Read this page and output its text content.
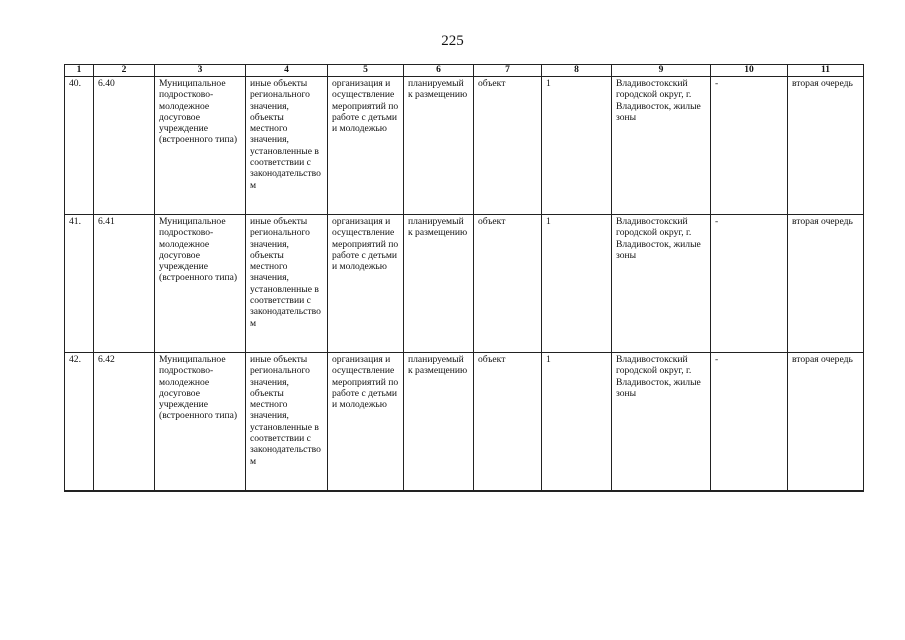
225
1	2	3	4	5	6	7	8	9	10	11
40.	6.40	Муниципальное подростково-молодежное досуговое учреждение (встроенного типа)	иные объекты регионального значения, объекты местного значения, установленные в соответствии с законодательством	организация и осуществление мероприятий по работе с детьми и молодежью	планируемый к размещению	объект	1	Владивостокский городской округ, г. Владивосток, жилые зоны	-	вторая очередь
41.	6.41	Муниципальное подростково-молодежное досуговое учреждение (встроенного типа)	иные объекты регионального значения, объекты местного значения, установленные в соответствии с законодательством	организация и осуществление мероприятий по работе с детьми и молодежью	планируемый к размещению	объект	1	Владивостокский городской округ, г. Владивосток, жилые зоны	-	вторая очередь
42.	6.42	Муниципальное подростково-молодежное досуговое учреждение (встроенного типа)	иные объекты регионального значения, объекты местного значения, установленные в соответствии с законодательством	организация и осуществление мероприятий по работе с детьми и молодежью	планируемый к размещению	объект	1	Владивостокский городской округ, г. Владивосток, жилые зоны	-	вторая очередь
